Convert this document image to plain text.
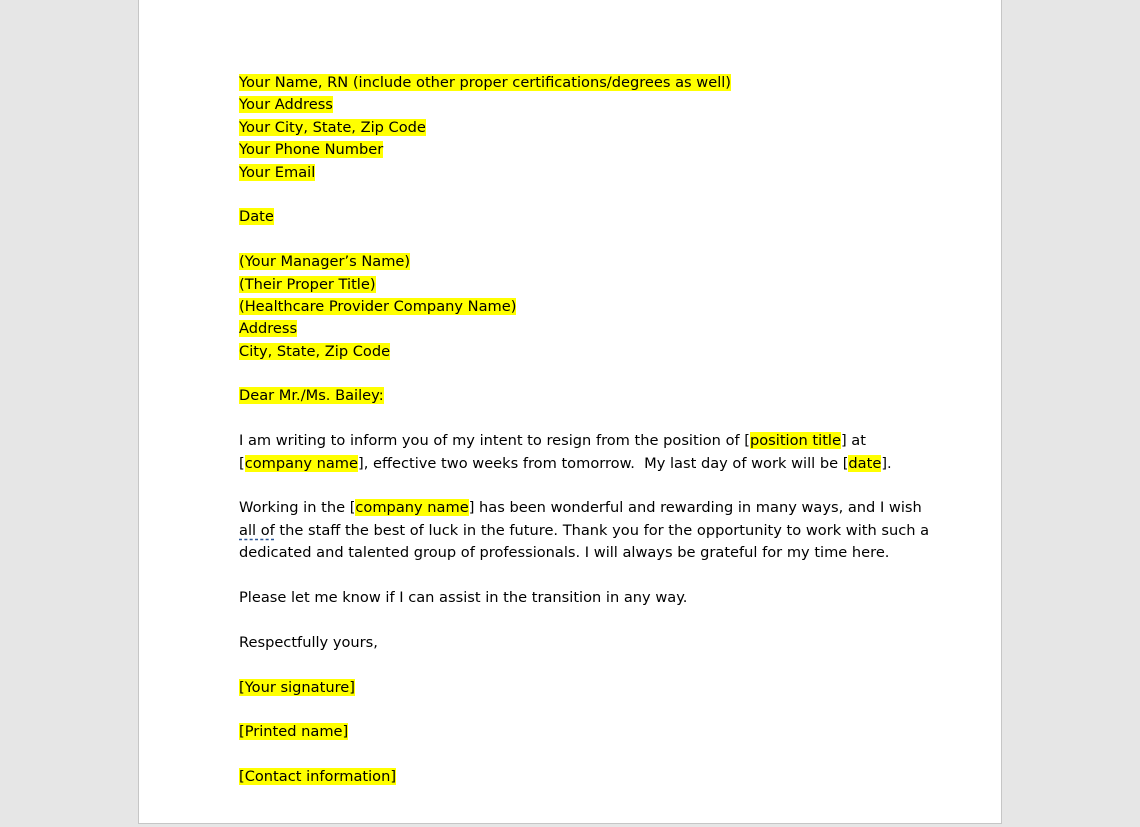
Your Name, RN (include other proper certifications/degrees as well)
Your Address
Your City, State, Zip Code
Your Phone Number
Your Email
Date
(Your Manager’s Name)
(Their Proper Title)
(Healthcare Provider Company Name)
Address
City, State, Zip Code
Dear Mr./Ms. Bailey:
I am writing to inform you of my intent to resign from the position of [position title] at
[company name], effective two weeks from tomorrow.  My last day of work will be [date].
Working in the [company name] has been wonderful and rewarding in many ways, and I wish
all of the staff the best of luck in the future. Thank you for the opportunity to work with such a
dedicated and talented group of professionals. I will always be grateful for my time here.
Please let me know if I can assist in the transition in any way.
Respectfully yours,
[Your signature]
[Printed name]
[Contact information]
